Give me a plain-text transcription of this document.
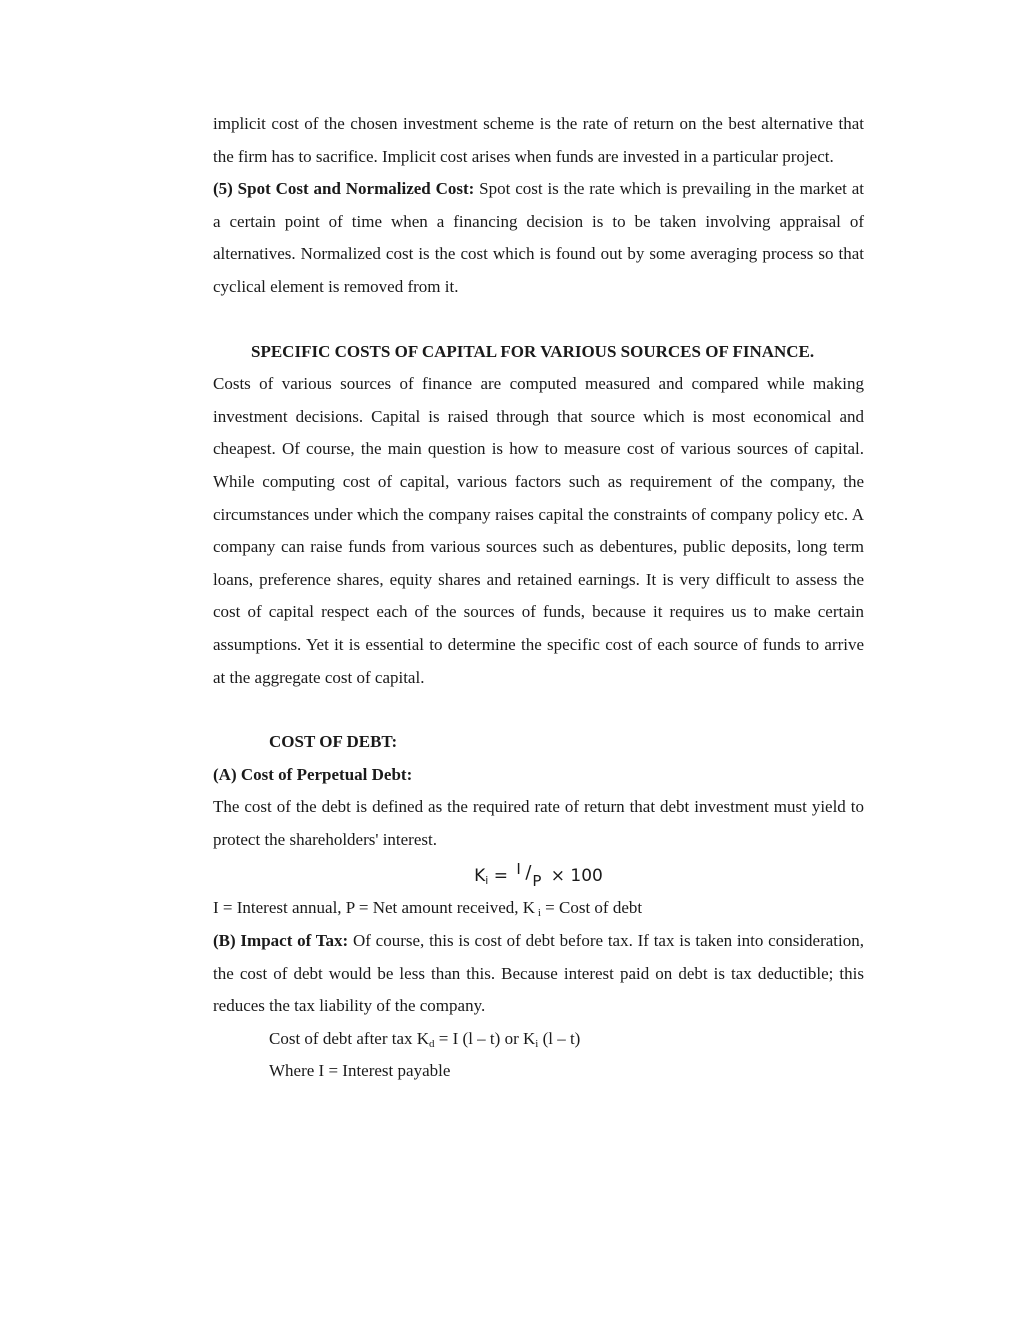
implicit cost of the chosen investment scheme is the rate of return on the best alternative that the firm has to sacrifice. Implicit cost arises when funds are invested in a particular project.

(5) Spot Cost and Normalized Cost: Spot cost is the rate which is prevailing in the market at a certain point of time when a financing decision is to be taken involving appraisal of alternatives. Normalized cost is the cost which is found out by some averaging process so that cyclical element is removed from it.

SPECIFIC COSTS OF CAPITAL FOR VARIOUS SOURCES OF FINANCE.

Costs of various sources of finance are computed measured and compared while making investment decisions. Capital is raised through that source which is most economical and cheapest. Of course, the main question is how to measure cost of various sources of capital. While computing cost of capital, various factors such as requirement of the company, the circumstances under which the company raises capital the constraints of company policy etc. A company can raise funds from various sources such as debentures, public deposits, long term loans, preference shares, equity shares and retained earnings. It is very difficult to assess the cost of capital respect each of the sources of funds, because it requires us to make certain assumptions. Yet it is essential to determine the specific cost of each source of funds to arrive at the aggregate cost of capital.

COST OF DEBT:

(A) Cost of Perpetual Debt:

The cost of the debt is defined as the required rate of return that debt investment must yield to protect the shareholders' interest.

$K_i = I / P \times 100$

I = Interest annual, P = Net amount received, K $_i$ = Cost of debt

(B) Impact of Tax: Of course, this is cost of debt before tax. If tax is taken into consideration, the cost of debt would be less than this. Because interest paid on debt is tax deductible; this reduces the tax liability of the company.

Cost of debt after tax $K_d = I$ (l – t) or $K_i$ (l – t)

Where I = Interest payable
